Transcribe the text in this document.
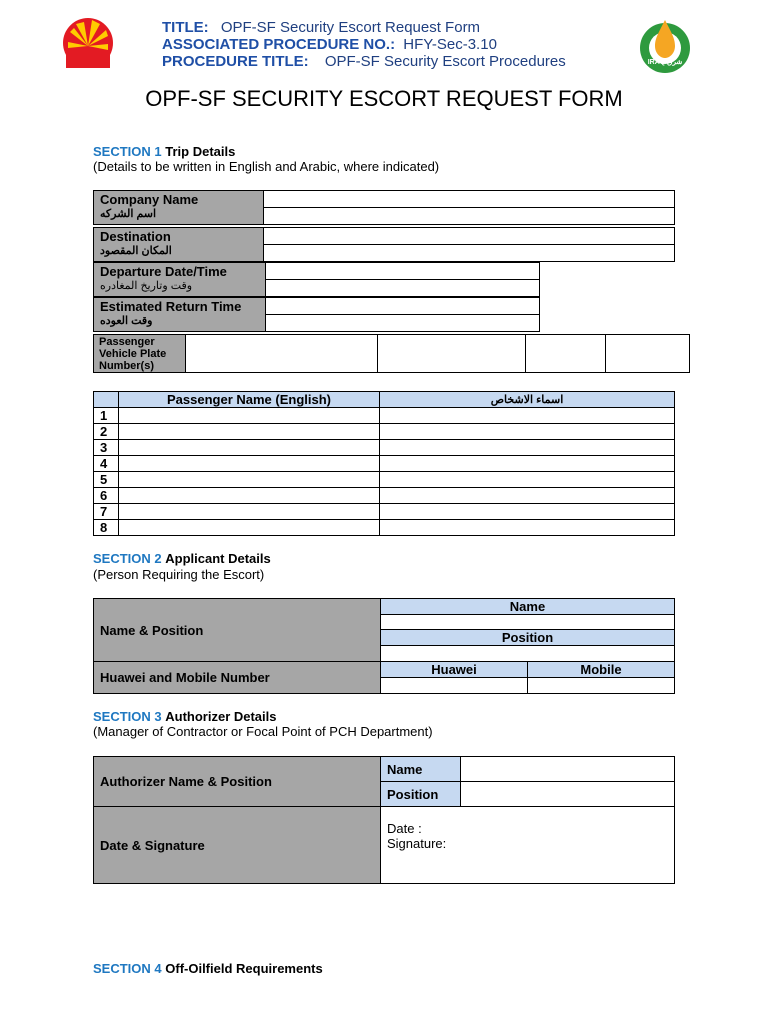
TITLE: OPF-SF Security Escort Request Form
ASSOCIATED PROCEDURE NO.: HFY-Sec-3.10
PROCEDURE TITLE: OPF-SF Security Escort Procedures	IRAQ شرق
OPF-SF SECURITY ESCORT REQUEST FORM
SECTION 1 Trip Details
(Details to be written in English and Arabic, where indicated)
Company Name
اسم الشركه

Destination
المكان المقصود

Departure Date/Time
وقت وتاريخ المغادره

Estimated Return Time
وقت العوده

Passenger Vehicle Plate Number(s)

	Passenger Name (English)	اسماء الاشخاص
1		
2		
3		
4		
5		
6		
7		
8		
SECTION 2 Applicant Details
(Person Requiring the Escort)
Name & Position	Name	

	Position	

Huawei and Mobile Number	Huawei	Mobile

SECTION 3 Authorizer Details
(Manager of Contractor or Focal Point of PCH Department)
Authorizer Name & Position	Name	
	Position	
Date & Signature	Date :
Signature:	
SECTION 4 Off-Oilfield Requirements
